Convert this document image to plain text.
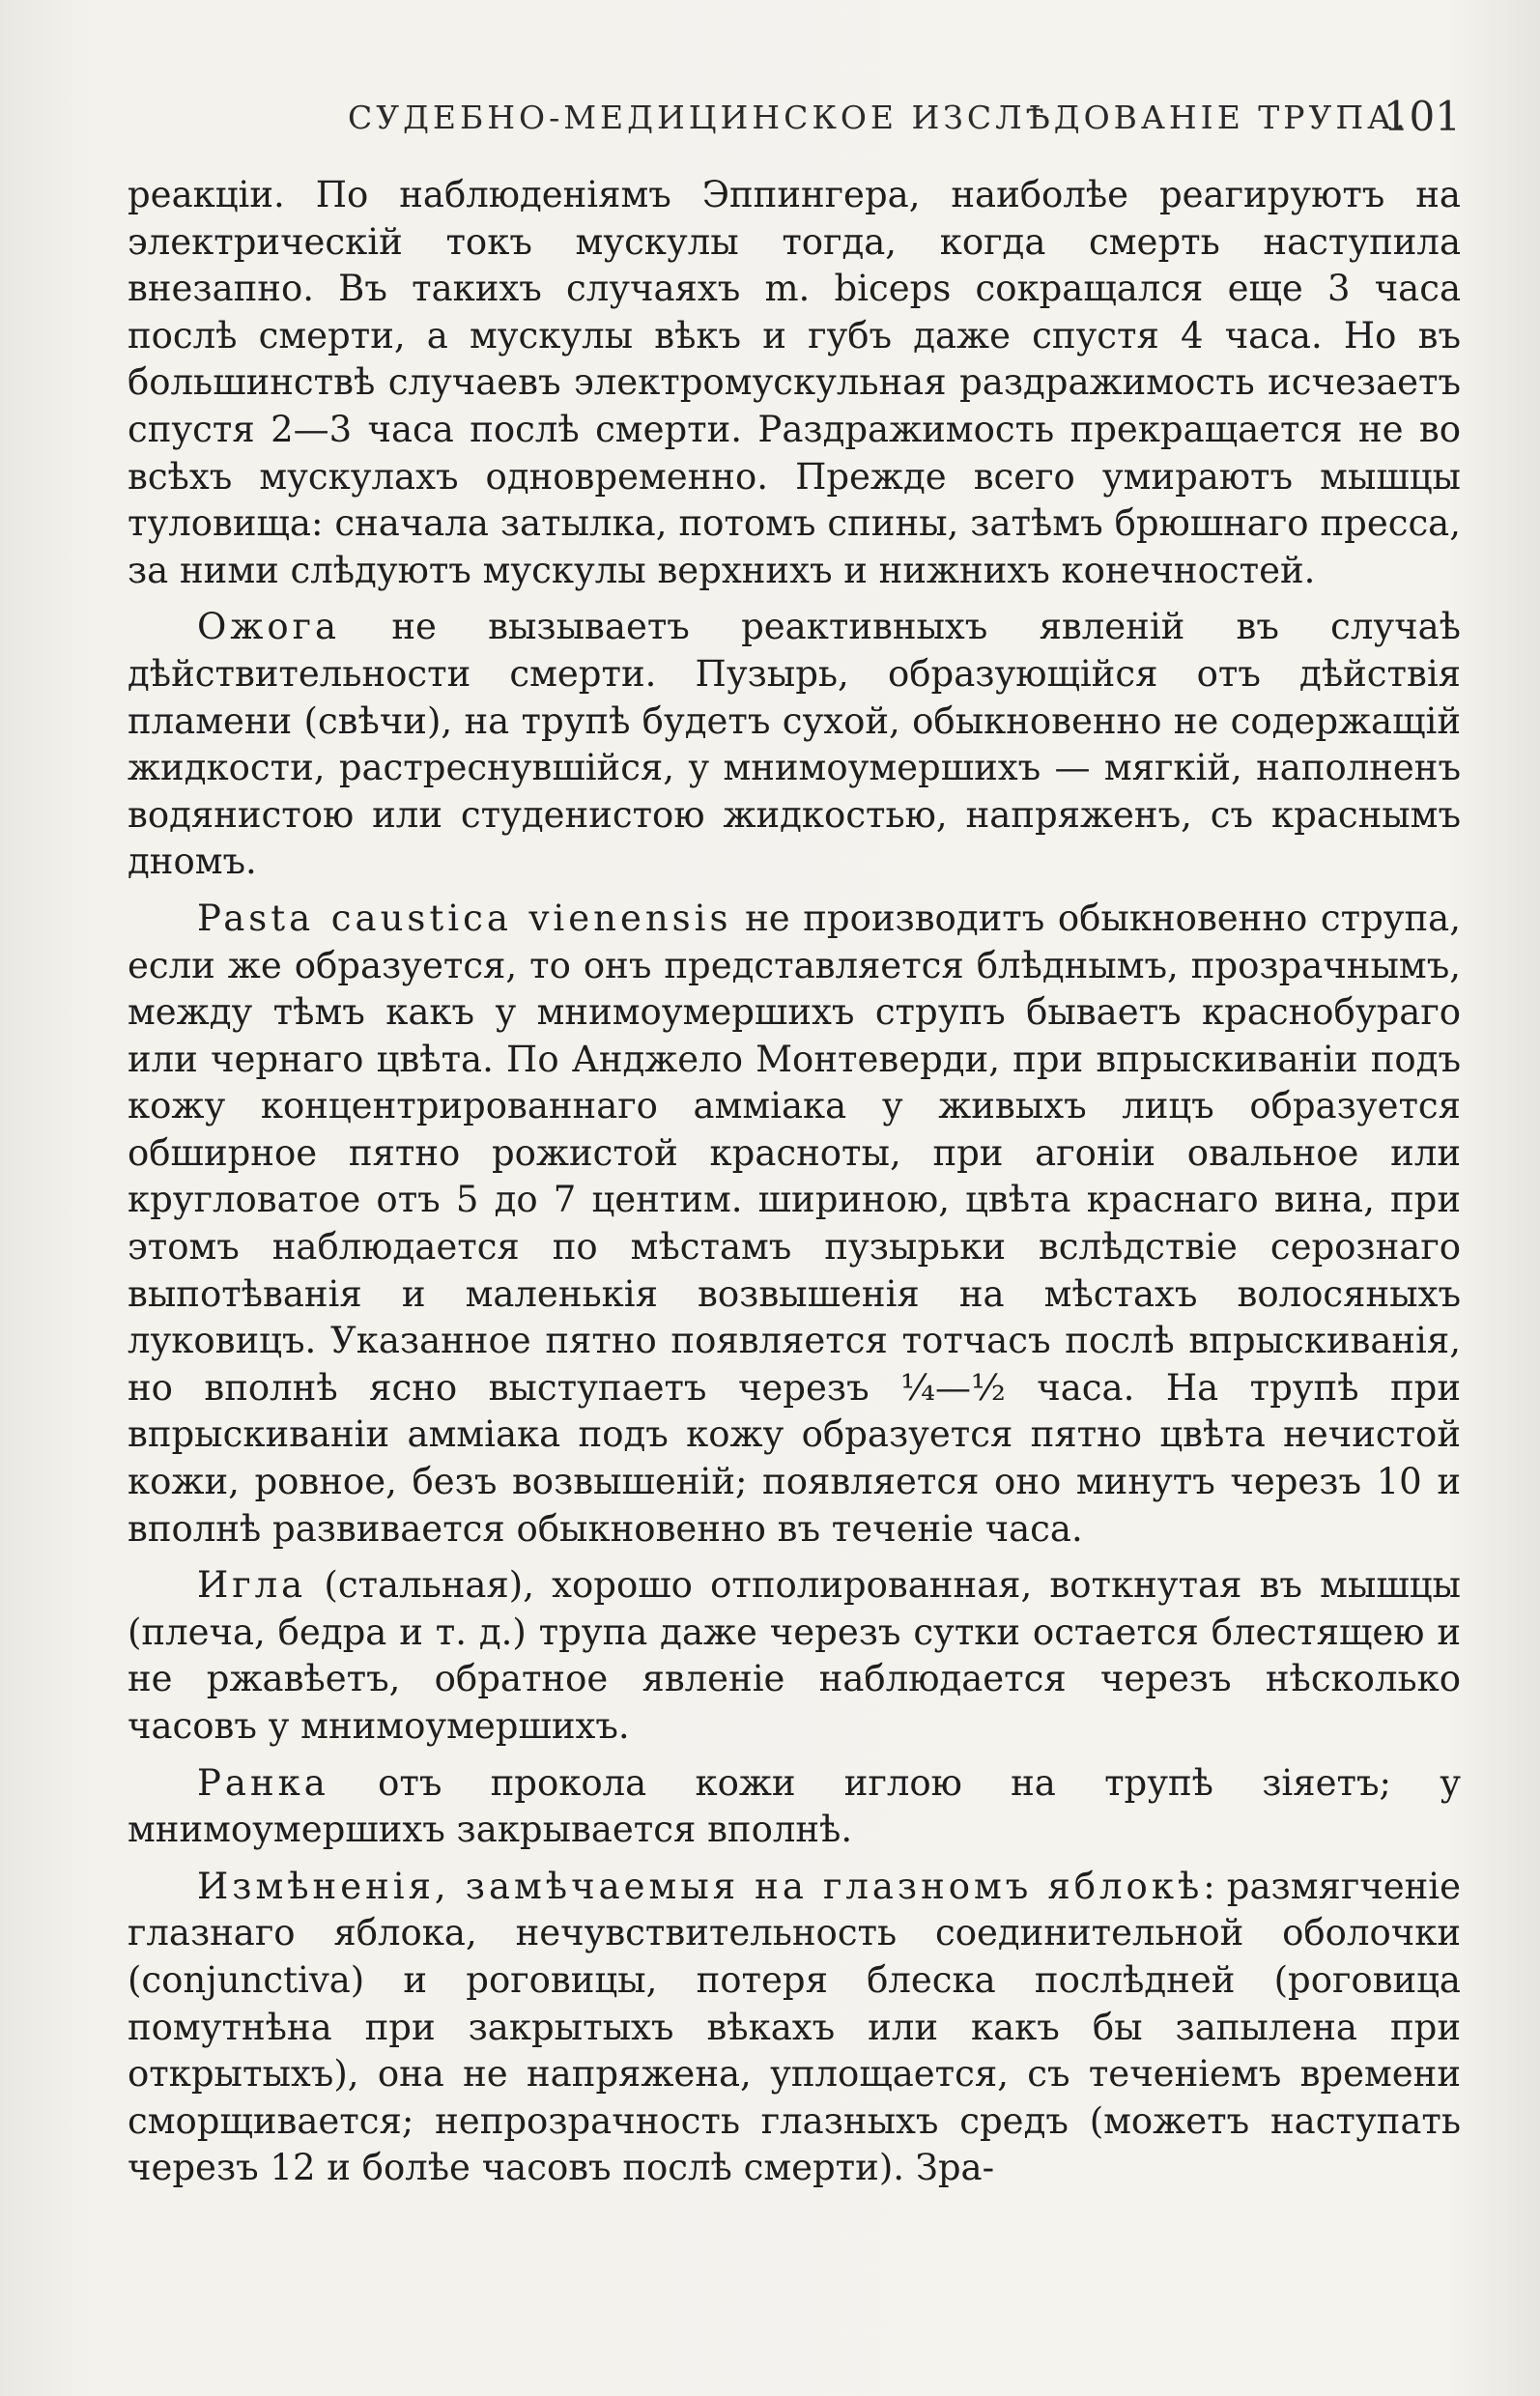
СУДЕБНО-МЕДИЦИНСКОЕ ИЗСЛѢДОВАНІЕ ТРУПА.
101

реакціи. По наблюденіямъ Эппингера, наиболѣе реагируютъ на электрическій токъ мускулы тогда, когда смерть наступила внезапно. Въ такихъ случаяхъ m. biceps сокращался еще 3 часа послѣ смерти, а мускулы вѣкъ и губъ даже спустя 4 часа. Но въ большинствѣ случаевъ электромускульная раздражимость исчезаетъ спустя 2—3 часа послѣ смерти. Раздражимость прекращается не во всѣхъ мускулахъ одновременно. Прежде всего умираютъ мышцы туловища: сначала затылка, потомъ спины, затѣмъ брюшнаго пресса, за ними слѣдуютъ мускулы верхнихъ и нижнихъ конечностей.

Ожога не вызываетъ реактивныхъ явленій въ случаѣ дѣйствительности смерти. Пузырь, образующійся отъ дѣйствія пламени (свѣчи), на трупѣ будетъ сухой, обыкновенно не содержащій жидкости, растреснувшійся, у мнимоумершихъ — мягкій, наполненъ водянистою или студенистою жидкостью, напряженъ, съ краснымъ дномъ.

Pasta caustica vienensis не производитъ обыкновенно струпа, если же образуется, то онъ представляется блѣднымъ, прозрачнымъ, между тѣмъ какъ у мнимоумершихъ струпъ бываетъ краснобураго или чернаго цвѣта. По Анджело Монтеверди, при впрыскиваніи подъ кожу концентрированнаго амміака у живыхъ лицъ образуется обширное пятно рожистой красноты, при агоніи овальное или кругловатое отъ 5 до 7 центим. шириною, цвѣта краснаго вина, при этомъ наблюдается по мѣстамъ пузырьки вслѣдствіе серознаго выпотѣванія и маленькія возвышенія на мѣстахъ волосяныхъ луковицъ. Указанное пятно появляется тотчасъ послѣ впрыскиванія, но вполнѣ ясно выступаетъ черезъ ¼—½ часа. На трупѣ при впрыскиваніи амміака подъ кожу образуется пятно цвѣта нечистой кожи, ровное, безъ возвышеній; появляется оно минутъ черезъ 10 и вполнѣ развивается обыкновенно въ теченіе часа.

Игла (стальная), хорошо отполированная, воткнутая въ мышцы (плеча, бедра и т. д.) трупа даже черезъ сутки остается блестящею и не ржавѣетъ, обратное явленіе наблюдается черезъ нѣсколько часовъ у мнимоумершихъ.

Ранка отъ прокола кожи иглою на трупѣ зіяетъ; у мнимоумершихъ закрывается вполнѣ.

Измѣненія, замѣчаемыя на глазномъ яблокѣ: размягченіе глазнаго яблока, нечувствительность соединительной оболочки (conjunctiva) и роговицы, потеря блеска послѣдней (роговица помутнѣна при закрытыхъ вѣкахъ или какъ бы запылена при открытыхъ), она не напряжена, уплощается, съ теченіемъ времени сморщивается; непрозрачность глазныхъ средъ (можетъ наступать черезъ 12 и болѣе часовъ послѣ смерти). Зра-
